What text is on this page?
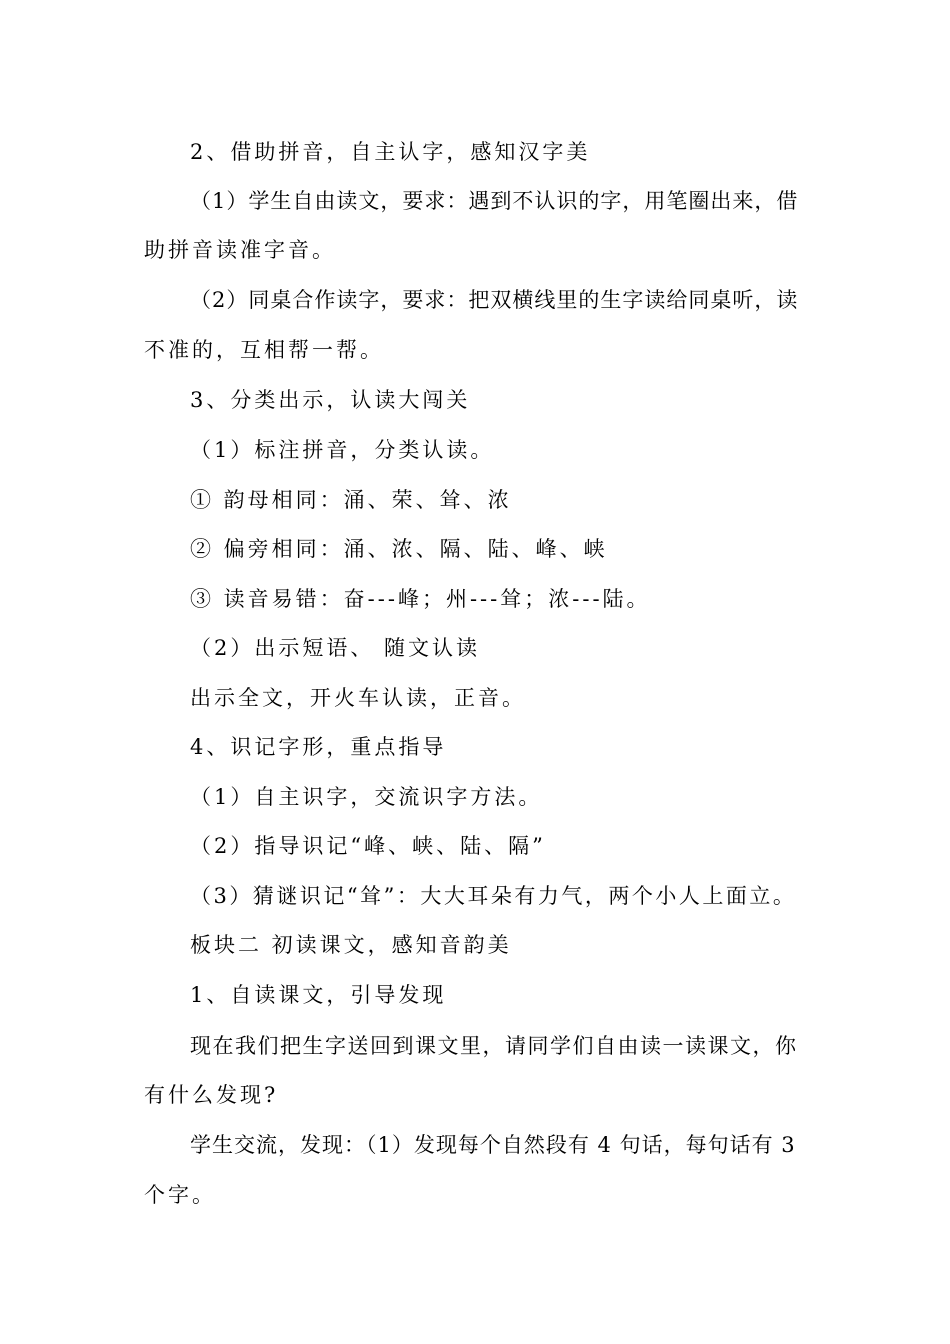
2、借助拼音，自主认字，感知汉字美
（1）学生自由读文，要求：遇到不认识的字，用笔圈出来，借
助拼音读准字音。
（2）同桌合作读字，要求：把双横线里的生字读给同桌听，读
不准的，互相帮一帮。
3、分类出示，认读大闯关
（1）标注拼音，分类认读。
① 韵母相同：涌、荣、耸、浓
② 偏旁相同：涌、浓、隔、陆、峰、峡
③ 读音易错：奋---峰；州---耸；浓---陆。
（2）出示短语、 随文认读
出示全文，开火车认读，正音。
4、识记字形，重点指导
（1）自主识字，交流识字方法。
（2）指导识记“峰、峡、陆、隔”
（3）猜谜识记“耸”：大大耳朵有力气，两个小人上面立。
板块二 初读课文，感知音韵美
1、自读课文，引导发现
现在我们把生字送回到课文里，请同学们自由读一读课文，你
有什么发现?
学生交流，发现：（1）发现每个自然段有 4 句话，每句话有 3
个字。
